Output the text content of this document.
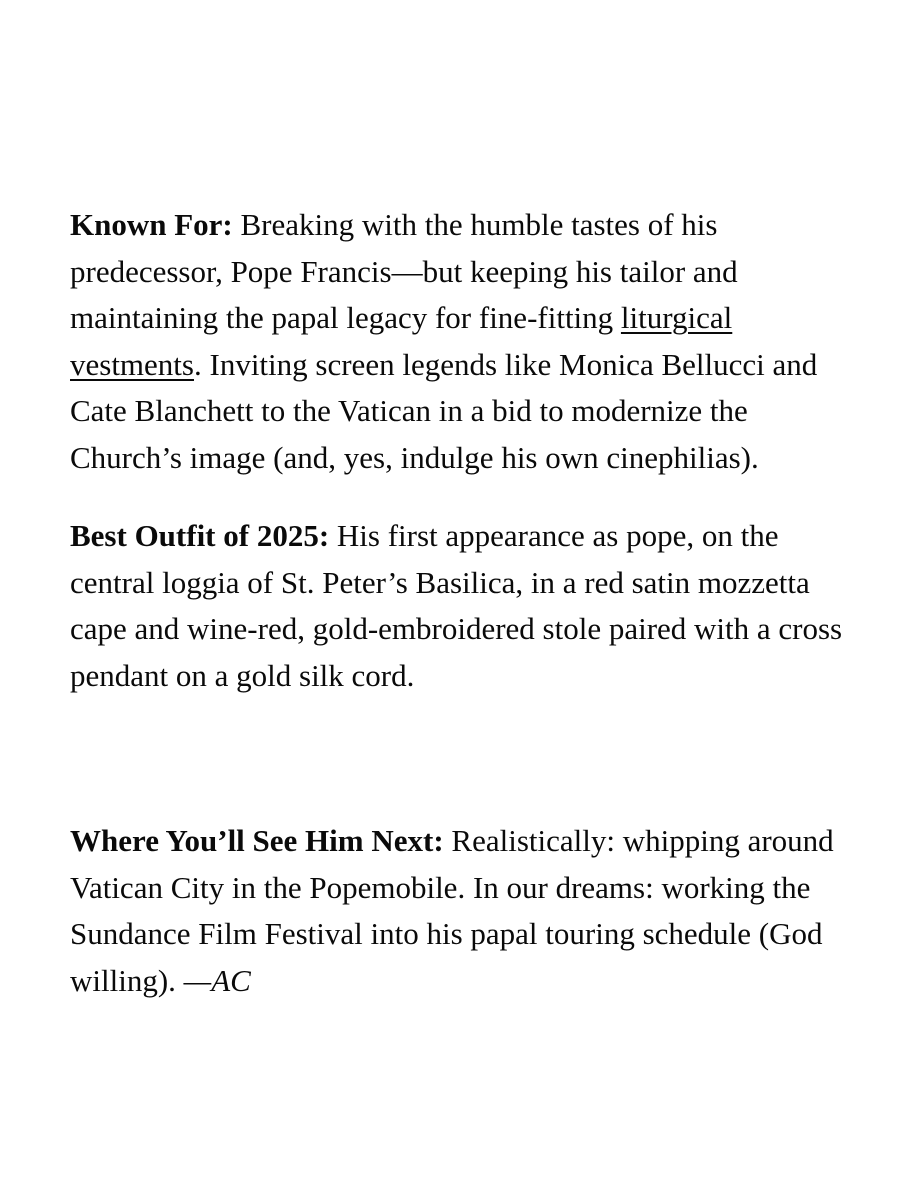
Known For: Breaking with the humble tastes of his
predecessor, Pope Francis—but keeping his tailor and
maintaining the papal legacy for fine-fitting liturgical
vestments. Inviting screen legends like Monica Bellucci and
Cate Blanchett to the Vatican in a bid to modernize the
Church’s image (and, yes, indulge his own cinephilias).

Best Outfit of 2025: His first appearance as pope, on the
central loggia of St. Peter’s Basilica, in a red satin mozzetta
cape and wine-red, gold-embroidered stole paired with a cross
pendant on a gold silk cord.

Where You’ll See Him Next: Realistically: whipping around
Vatican City in the Popemobile. In our dreams: working the
Sundance Film Festival into his papal touring schedule (God
willing). —AC
